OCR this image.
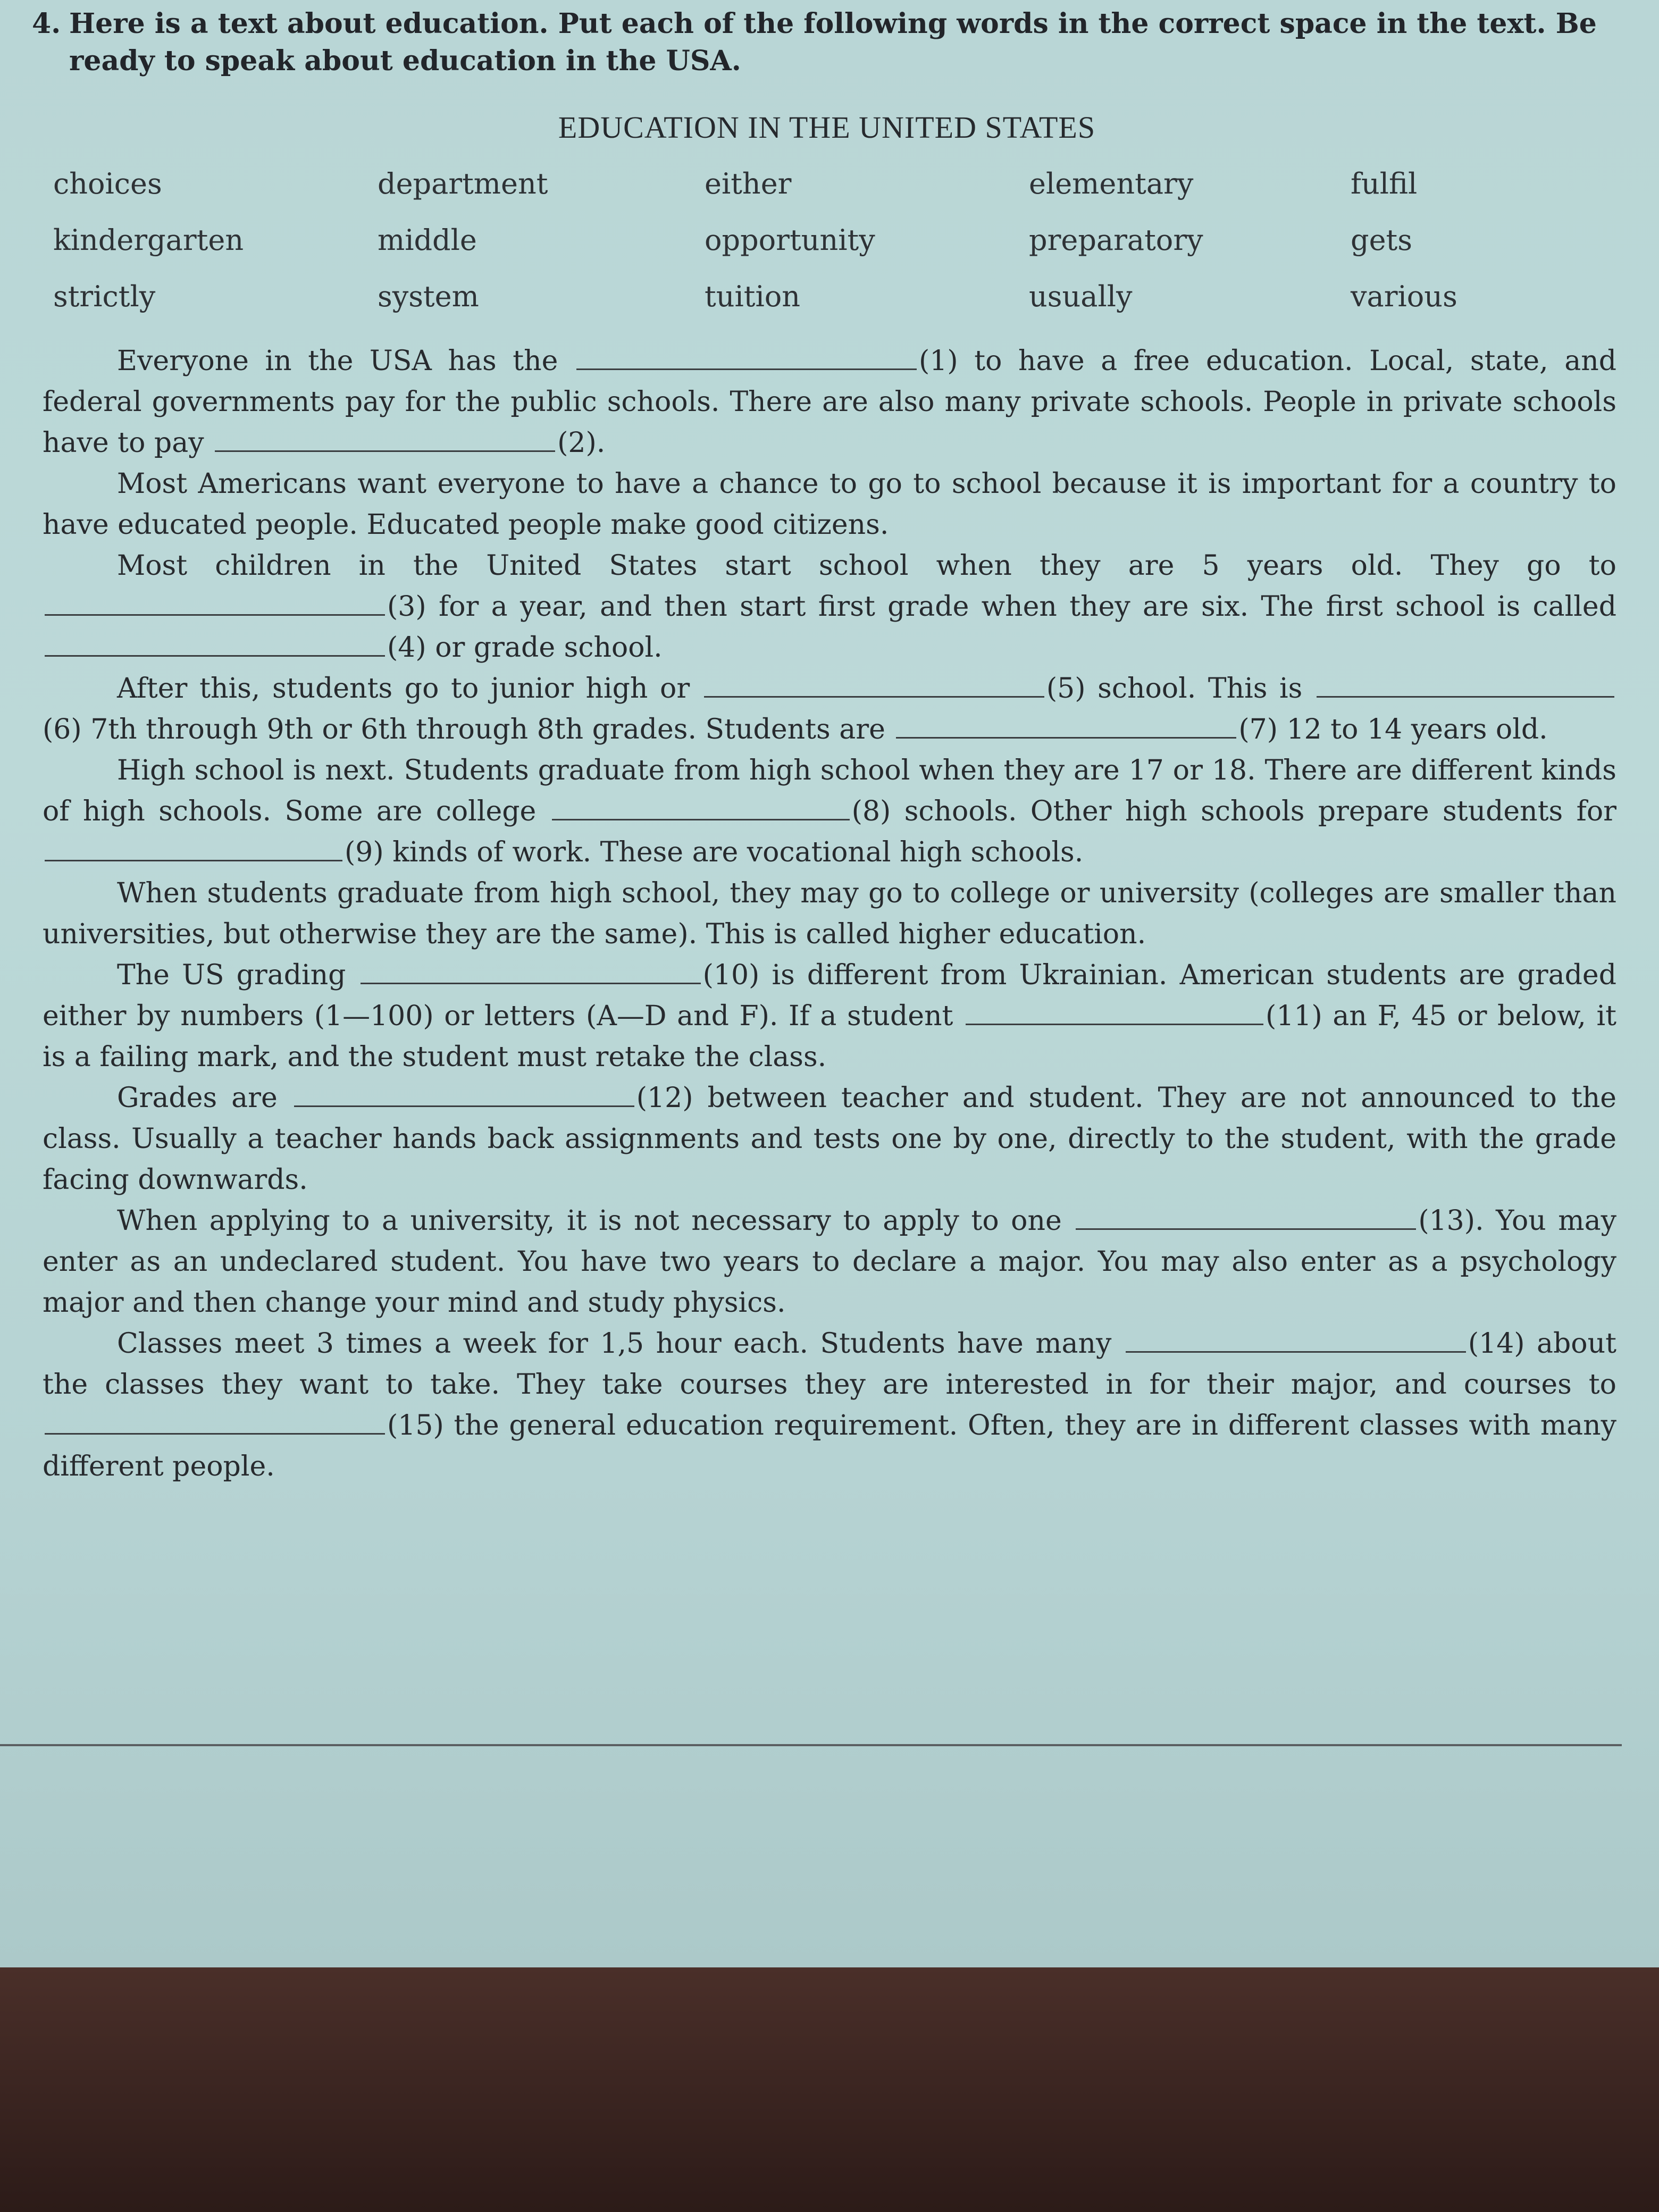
4. Here is a text about education. Put each of the following words in the correct space in the text. Be ready to speak about education in the USA.
EDUCATION IN THE UNITED STATES
choices	department	either	elementary	fulfil
kindergarten	middle	opportunity	preparatory	gets
strictly	system	tuition	usually	various

Everyone in the USA has the	(1) to have a free education. Local, state, and federal governments pay for the public schools. There are also many private schools. People in private schools have to pay	(2).

Most Americans want everyone to have a chance to go to school because it is important for a country to have educated people. Educated people make good citizens.

Most children in the United States start school when they are 5 years old. They go to (3) for a year, and then start first grade when they are six. The first school is called (4) or grade school.

After this, students go to junior high or	(5) school. This is (6) 7th through 9th or 6th through 8th grades. Students are	(7) 12 to 14 years old.

High school is next. Students graduate from high school when they are 17 or 18. There are different kinds of high schools. Some are college	(8) schools. Other high schools prepare students for (9) kinds of work. These are vocational high schools.

When students graduate from high school, they may go to college or university (colleges are smaller than universities, but otherwise they are the same). This is called higher education.

The US grading	(10) is different from Ukrainian. American students are graded either by numbers (1—100) or letters (A—D and F). If a student	(11) an F, 45 or below, it is a failing mark, and the student must retake the class.

Grades are	(12) between teacher and student. They are not announced to the class. Usually a teacher hands back assignments and tests one by one, directly to the student, with the grade facing downwards.

When applying to a university, it is not necessary to apply to one	(13). You may enter as an undeclared student. You have two years to declare a major. You may also enter as a psychology major and then change your mind and study physics.

Classes meet 3 times a week for 1,5 hour each. Students have many	(14) about the classes they want to take. They take courses they are interested in for their major, and courses to (15) the general education requirement. Often, they are in different classes with many different people.
